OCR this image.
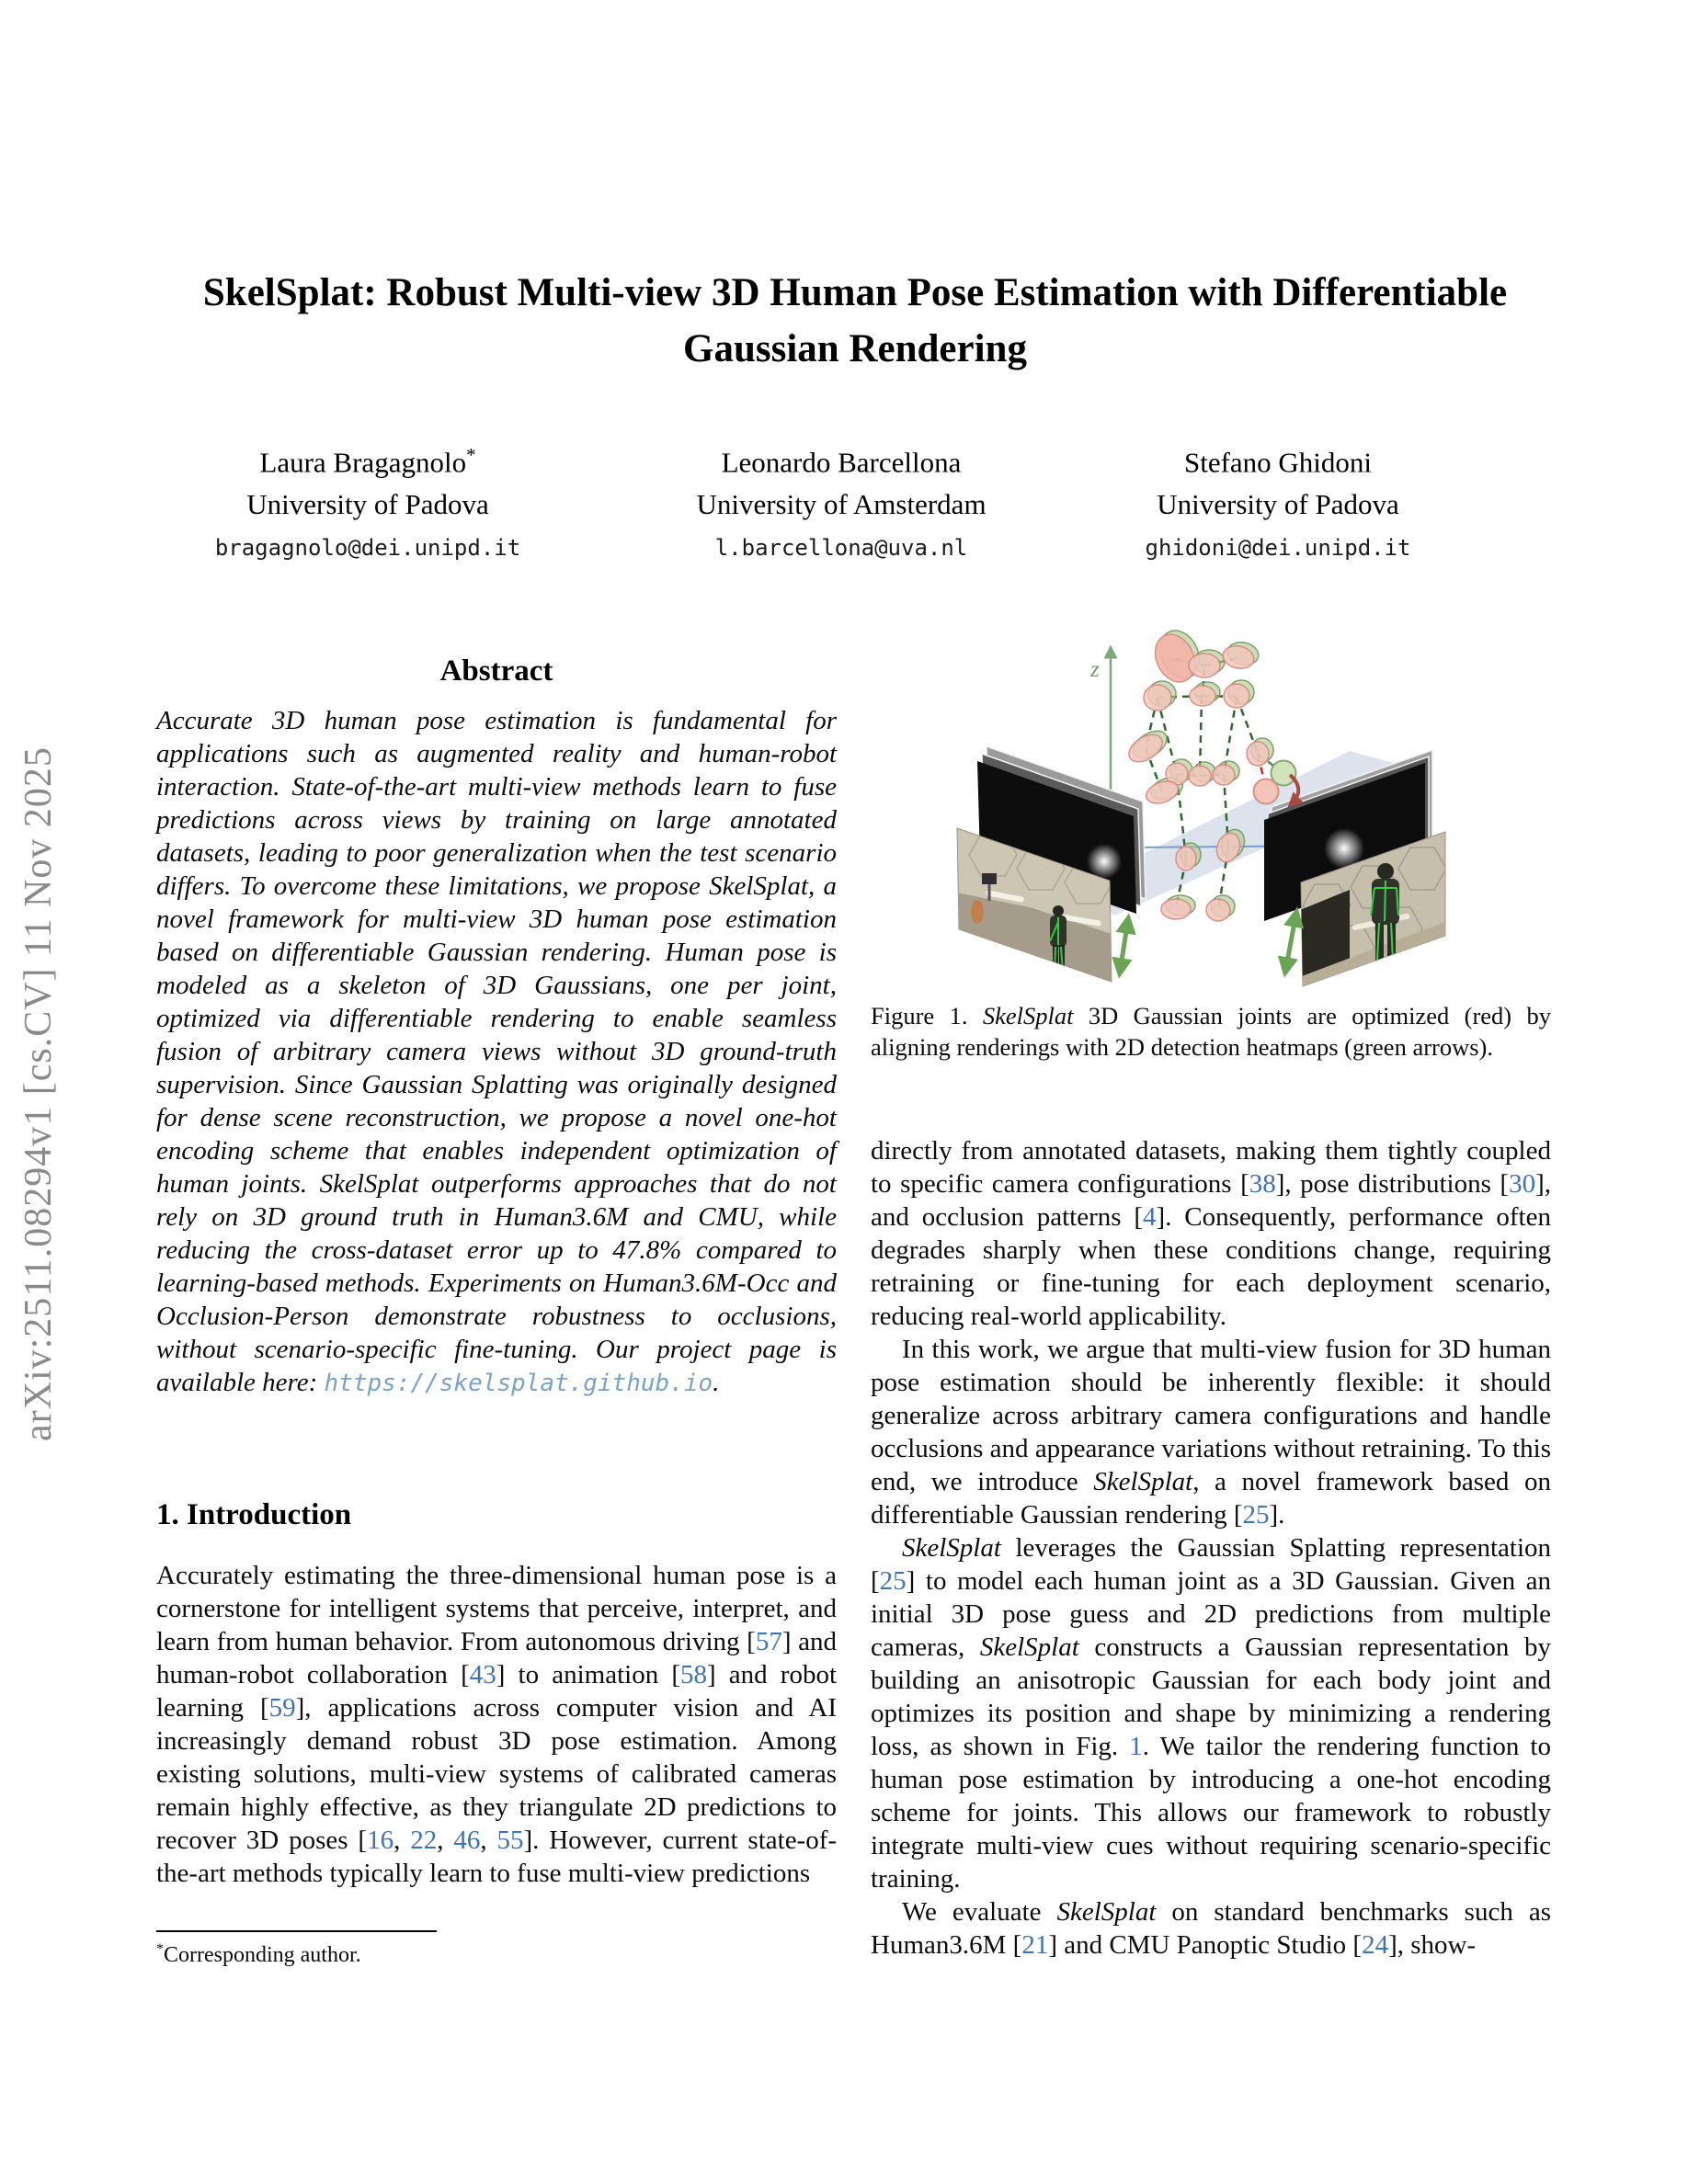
arXiv:2511.08294v1 [cs.CV] 11 Nov 2025
SkelSplat: Robust Multi-view 3D Human Pose Estimation with Differentiable Gaussian Rendering
Laura Bragagnolo*
University of Padova
bragagnolo@dei.unipd.it
Leonardo Barcellona
University of Amsterdam
l.barcellona@uva.nl
Stefano Ghidoni
University of Padova
ghidoni@dei.unipd.it
Abstract
Accurate 3D human pose estimation is fundamental for applications such as augmented reality and human-robot interaction. State-of-the-art multi-view methods learn to fuse predictions across views by training on large annotated datasets, leading to poor generalization when the test scenario differs. To overcome these limitations, we propose SkelSplat, a novel framework for multi-view 3D human pose estimation based on differentiable Gaussian rendering. Human pose is modeled as a skeleton of 3D Gaussians, one per joint, optimized via differentiable rendering to enable seamless fusion of arbitrary camera views without 3D ground-truth supervision. Since Gaussian Splatting was originally designed for dense scene reconstruction, we propose a novel one-hot encoding scheme that enables independent optimization of human joints. SkelSplat outperforms approaches that do not rely on 3D ground truth in Human3.6M and CMU, while reducing the cross-dataset error up to 47.8% compared to learning-based methods. Experiments on Human3.6M-Occ and Occlusion-Person demonstrate robustness to occlusions, without scenario-specific fine-tuning. Our project page is available here: https://skelsplat.github.io.
1. Introduction

Accurately estimating the three-dimensional human pose is a cornerstone for intelligent systems that perceive, interpret, and learn from human behavior. From autonomous driving [57] and human-robot collaboration [43] to animation [58] and robot learning [59], applications across computer vision and AI increasingly demand robust 3D pose estimation. Among existing solutions, multi-view systems of calibrated cameras remain highly effective, as they triangulate 2D predictions to recover 3D poses [16, 22, 46, 55]. However, current state-of-the-art methods typically learn to fuse multi-view predictions

*Corresponding author.
z
Figure 1. SkelSplat 3D Gaussian joints are optimized (red) by aligning renderings with 2D detection heatmaps (green arrows).

directly from annotated datasets, making them tightly coupled to specific camera configurations [38], pose distributions [30], and occlusion patterns [4]. Consequently, performance often degrades sharply when these conditions change, requiring retraining or fine-tuning for each deployment scenario, reducing real-world applicability.

In this work, we argue that multi-view fusion for 3D human pose estimation should be inherently flexible: it should generalize across arbitrary camera configurations and handle occlusions and appearance variations without retraining. To this end, we introduce SkelSplat, a novel framework based on differentiable Gaussian rendering [25].

SkelSplat leverages the Gaussian Splatting representation [25] to model each human joint as a 3D Gaussian. Given an initial 3D pose guess and 2D predictions from multiple cameras, SkelSplat constructs a Gaussian representation by building an anisotropic Gaussian for each body joint and optimizes its position and shape by minimizing a rendering loss, as shown in Fig. 1. We tailor the rendering function to human pose estimation by introducing a one-hot encoding scheme for joints. This allows our framework to robustly integrate multi-view cues without requiring scenario-specific training.

We evaluate SkelSplat on standard benchmarks such as Human3.6M [21] and CMU Panoptic Studio [24], show-
